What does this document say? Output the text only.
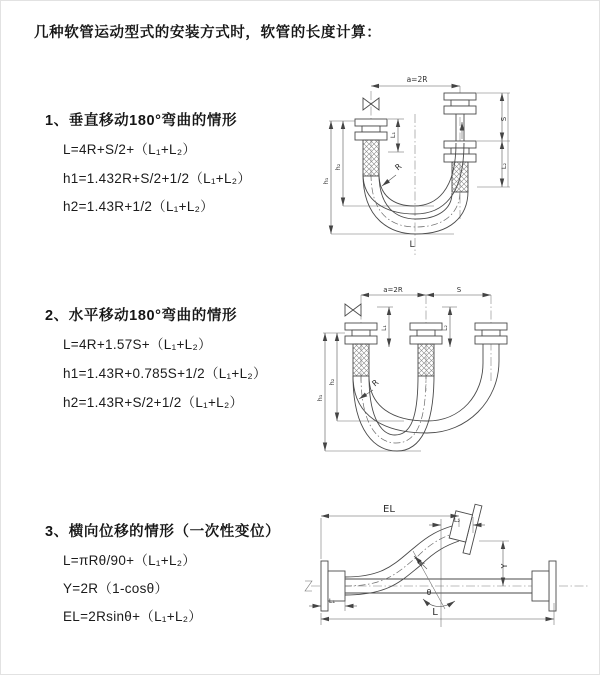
几种软管运动型式的安装方式时，软管的长度计算：
1、垂直移动180°弯曲的情形
L=4R+S/2+（L₁+L₂）
h1=1.432R+S/2+1/2（L₁+L₂）
h2=1.43R+1/2（L₁+L₂）
2、水平移动180°弯曲的情形
L=4R+1.57S+（L₁+L₂）
h1=1.43R+0.785S+1/2（L₁+L₂）
h2=1.43R+S/2+1/2（L₁+L₂）
3、横向位移的情形（一次性变位）
L=πRθ/90+（L₁+L₂）
Y=2R（1-cosθ）
EL=2Rsinθ+（L₁+L₂）
a=2R
L₁
S
L₂
h₁
h₂	R
L
a=2R	S
L₁	L₂
h₁
h₂	R
EL
L₂
Y
θ
R
L₁
L
